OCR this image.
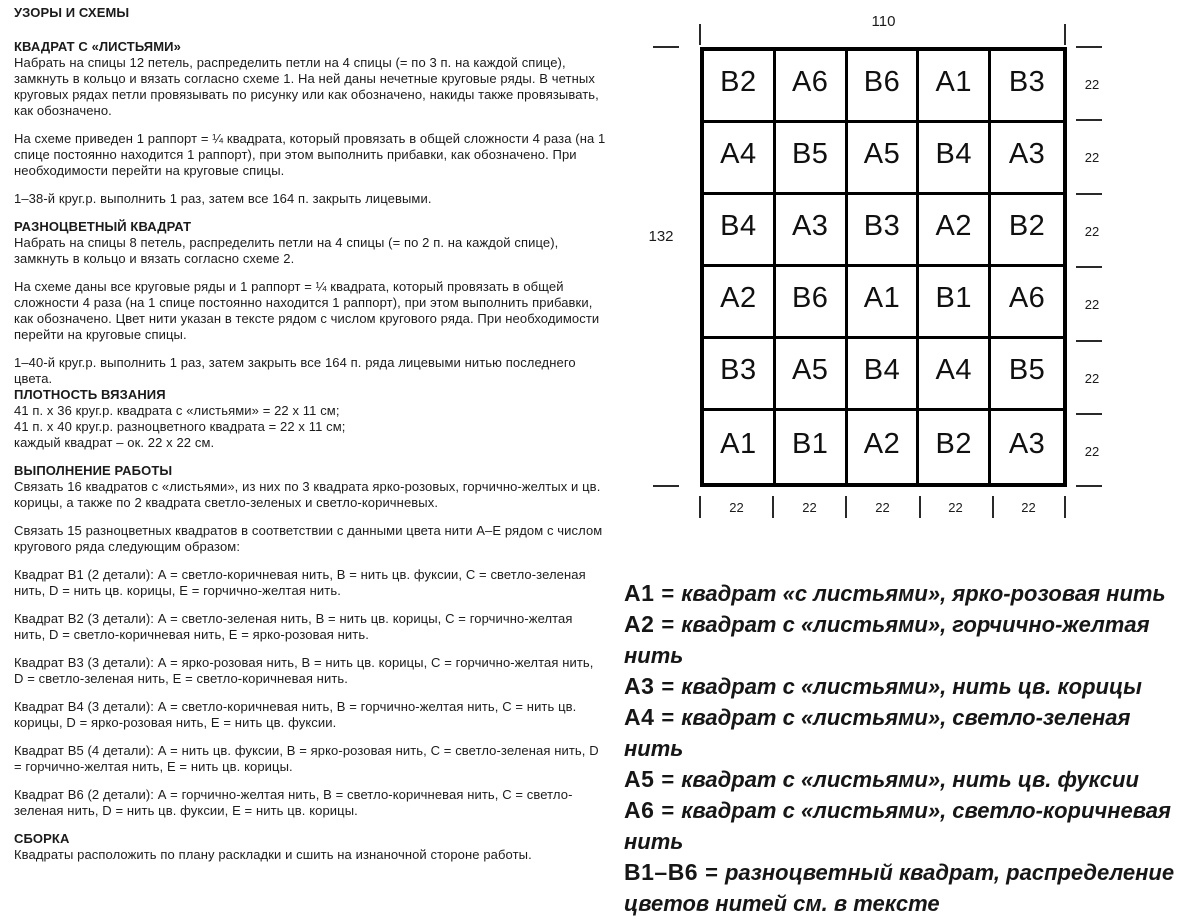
УЗОРЫ И СХЕМЫ
КВАДРАТ С «ЛИСТЬЯМИ»
Набрать на спицы 12 петель, распределить петли на 4 спицы (= по 3 п. на каждой спице), замкнуть в кольцо и вязать согласно схеме 1. На ней даны нечетные круговые ряды. В четных круговых рядах петли провязывать по рисунку или как обозначено, накиды также провязывать, как обозначено.
На схеме приведен 1 раппорт = ¼ квадрата, который провязать в общей сложности 4 раза (на 1 спице постоянно находится 1 раппорт), при этом выполнить прибавки, как обозначено. При необходимости перейти на круговые спицы.
1–38-й круг.р. выполнить 1 раз, затем все 164 п. закрыть лицевыми.
РАЗНОЦВЕТНЫЙ КВАДРАТ
Набрать на спицы 8 петель, распределить петли на 4 спицы (= по 2 п. на каждой спице), замкнуть в кольцо и вязать согласно схеме 2.
На схеме даны все круговые ряды и 1 раппорт = ¼ квадрата, который провязать в общей сложности 4 раза (на 1 спице постоянно находится 1 раппорт), при этом выполнить прибавки, как обозначено. Цвет нити указан в тексте рядом с числом кругового ряда. При необходимости перейти на круговые спицы.
1–40-й круг.р. выполнить 1 раз, затем закрыть все 164 п. ряда лицевыми нитью последнего цвета.
ПЛОТНОСТЬ ВЯЗАНИЯ
41 п. х 36 круг.р. квадрата с «листьями» = 22 х 11 см;
41 п. х 40 круг.р. разноцветного квадрата = 22 х 11 см;
каждый квадрат – ок. 22 х 22 см.
ВЫПОЛНЕНИЕ РАБОТЫ
Связать 16 квадратов с «листьями», из них по 3 квадрата ярко-розовых, горчично-желтых и цв. корицы, а также по 2 квадрата светло-зеленых и светло-коричневых.
Связать 15 разноцветных квадратов в соответствии с данными цвета нити А–Е рядом с числом кругового ряда следующим образом:
Квадрат В1 (2 детали): А = светло-коричневая нить, В = нить цв. фуксии, С = светло-зеленая нить, D = нить цв. корицы, Е = горчично-желтая нить.
Квадрат В2 (3 детали): А = светло-зеленая нить, В = нить цв. корицы, С = горчично-желтая нить, D = светло-коричневая нить, Е = ярко-розовая нить.
Квадрат В3 (3 детали): А = ярко-розовая нить, В = нить цв. корицы, С = горчично-желтая нить, D = светло-зеленая нить, Е = светло-коричневая нить.
Квадрат В4 (3 детали): А = светло-коричневая нить, В = горчично-желтая нить, С = нить цв. корицы, D = ярко-розовая нить, Е = нить цв. фуксии.
Квадрат В5 (4 детали): А = нить цв. фуксии, В = ярко-розовая нить, С = светло-зеленая нить, D = горчично-желтая нить, Е = нить цв. корицы.
Квадрат В6 (2 детали): А = горчично-желтая нить, В = светло-коричневая нить, С = светло-зеленая нить, D = нить цв. фуксии, Е = нить цв. корицы.
СБОРКА
Квадраты расположить по плану раскладки и сшить на изнаночной стороне работы.
B2	A6	B6	A1	B3
A4	B5	A5	B4	A3
B4	A3	B3	A2	B2
A2	B6	A1	B1	A6
B3	A5	B4	A4	B5
A1	B1	A2	B2	A3
110
132
22
22
22
22
22
22
22	22	22	22	22
A1 = квадрат «с листьями», ярко-розовая нить
A2 = квадрат с «листьями», горчично-желтая нить
A3 = квадрат с «листьями», нить цв. корицы
A4 = квадрат с «листьями», светло-зеленая нить
A5 = квадрат с «листьями», нить цв. фуксии
A6 = квадрат с «листьями», светло-коричневая нить
B1–B6 = разноцветный квадрат, распределение цветов нитей см. в тексте
